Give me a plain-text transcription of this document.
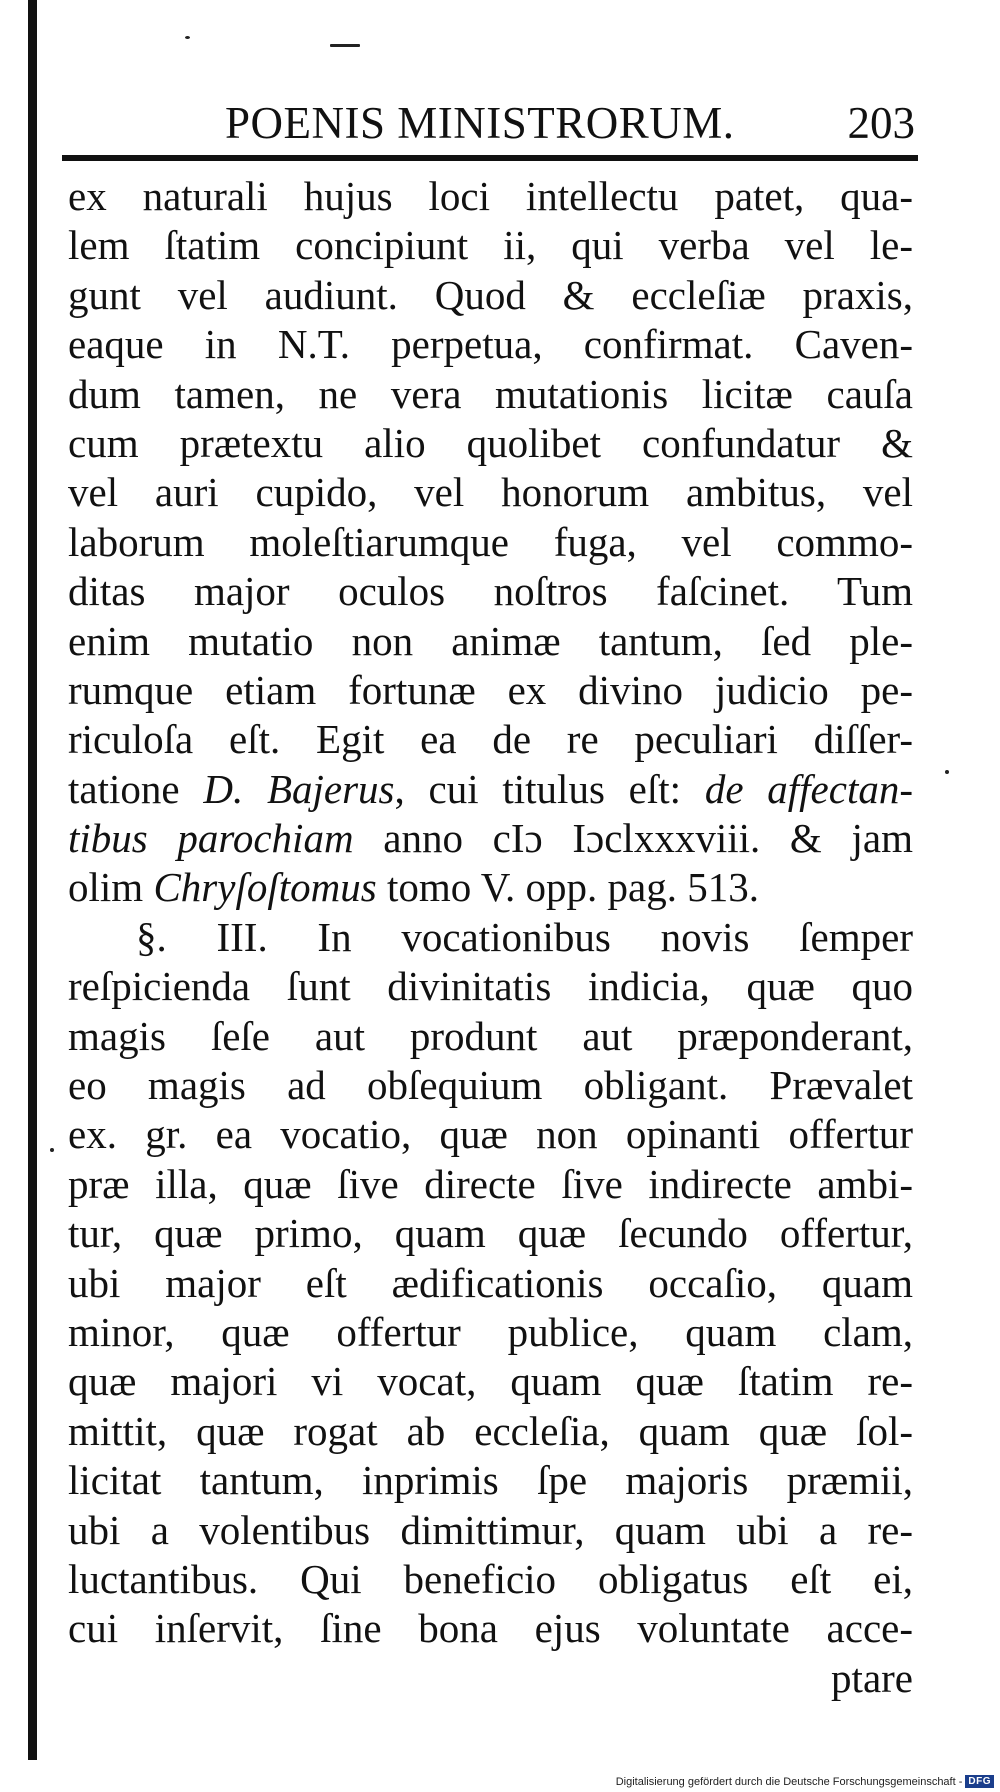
POENIS MINISTRORUM.	203
ex naturali hujus loci intellectu patet, qua-
lem ſtatim concipiunt ii, qui verba vel le-
gunt vel audiunt. Quod & eccleſiæ praxis,
eaque in N.T. perpetua, confirmat. Caven-
dum tamen, ne vera mutationis licitæ cauſa
cum prætextu alio quolibet confundatur &
vel auri cupido, vel honorum ambitus, vel
laborum moleſtiarumque fuga, vel commo-
ditas major oculos noſtros faſcinet. Tum
enim mutatio non animæ tantum, ſed ple-
rumque etiam fortunæ ex divino judicio pe-
riculoſa eſt. Egit ea de re peculiari diſſer-
tatione D. Bajerus, cui titulus eſt: de affectan-
tibus parochiam anno cIɔ Iɔclxxxviii. & jam
olim Chryſoſtomus tomo V. opp. pag. 513.
§. III. In vocationibus novis ſemper
reſpicienda ſunt divinitatis indicia, quæ quo
magis ſeſe aut produnt aut præponderant,
eo magis ad obſequium obligant. Prævalet
ex. gr. ea vocatio, quæ non opinanti offertur
præ illa, quæ ſive directe ſive indirecte ambi-
tur, quæ primo, quam quæ ſecundo offertur,
ubi major eſt ædificationis occaſio, quam
minor, quæ offertur publice, quam clam,
quæ majori vi vocat, quam quæ ſtatim re-
mittit, quæ rogat ab eccleſia, quam quæ ſol-
licitat tantum, inprimis ſpe majoris præmii,
ubi a volentibus dimittimur, quam ubi a re-
luctantibus. Qui beneficio obligatus eſt ei,
cui inſervit, ſine bona ejus voluntate acce-
ptare
Digitalisierung gefördert durch die Deutsche Forschungsgemeinschaft - DFG
